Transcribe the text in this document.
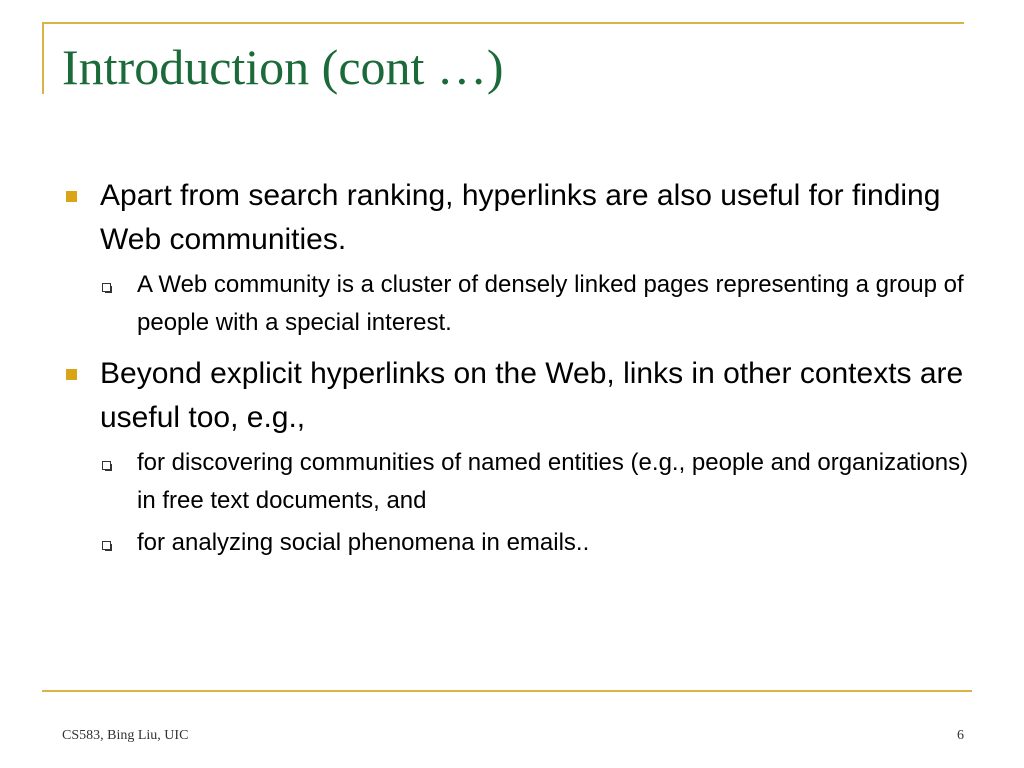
Introduction (cont …)
Apart from search ranking, hyperlinks are also useful for finding Web communities.
A Web community is a cluster of densely linked pages representing a group of people with a special interest.
Beyond explicit hyperlinks on the Web, links in other contexts are useful too, e.g.,
for discovering communities of named entities (e.g., people and organizations) in free text documents, and
for analyzing social phenomena in emails..
CS583, Bing Liu, UIC	6
